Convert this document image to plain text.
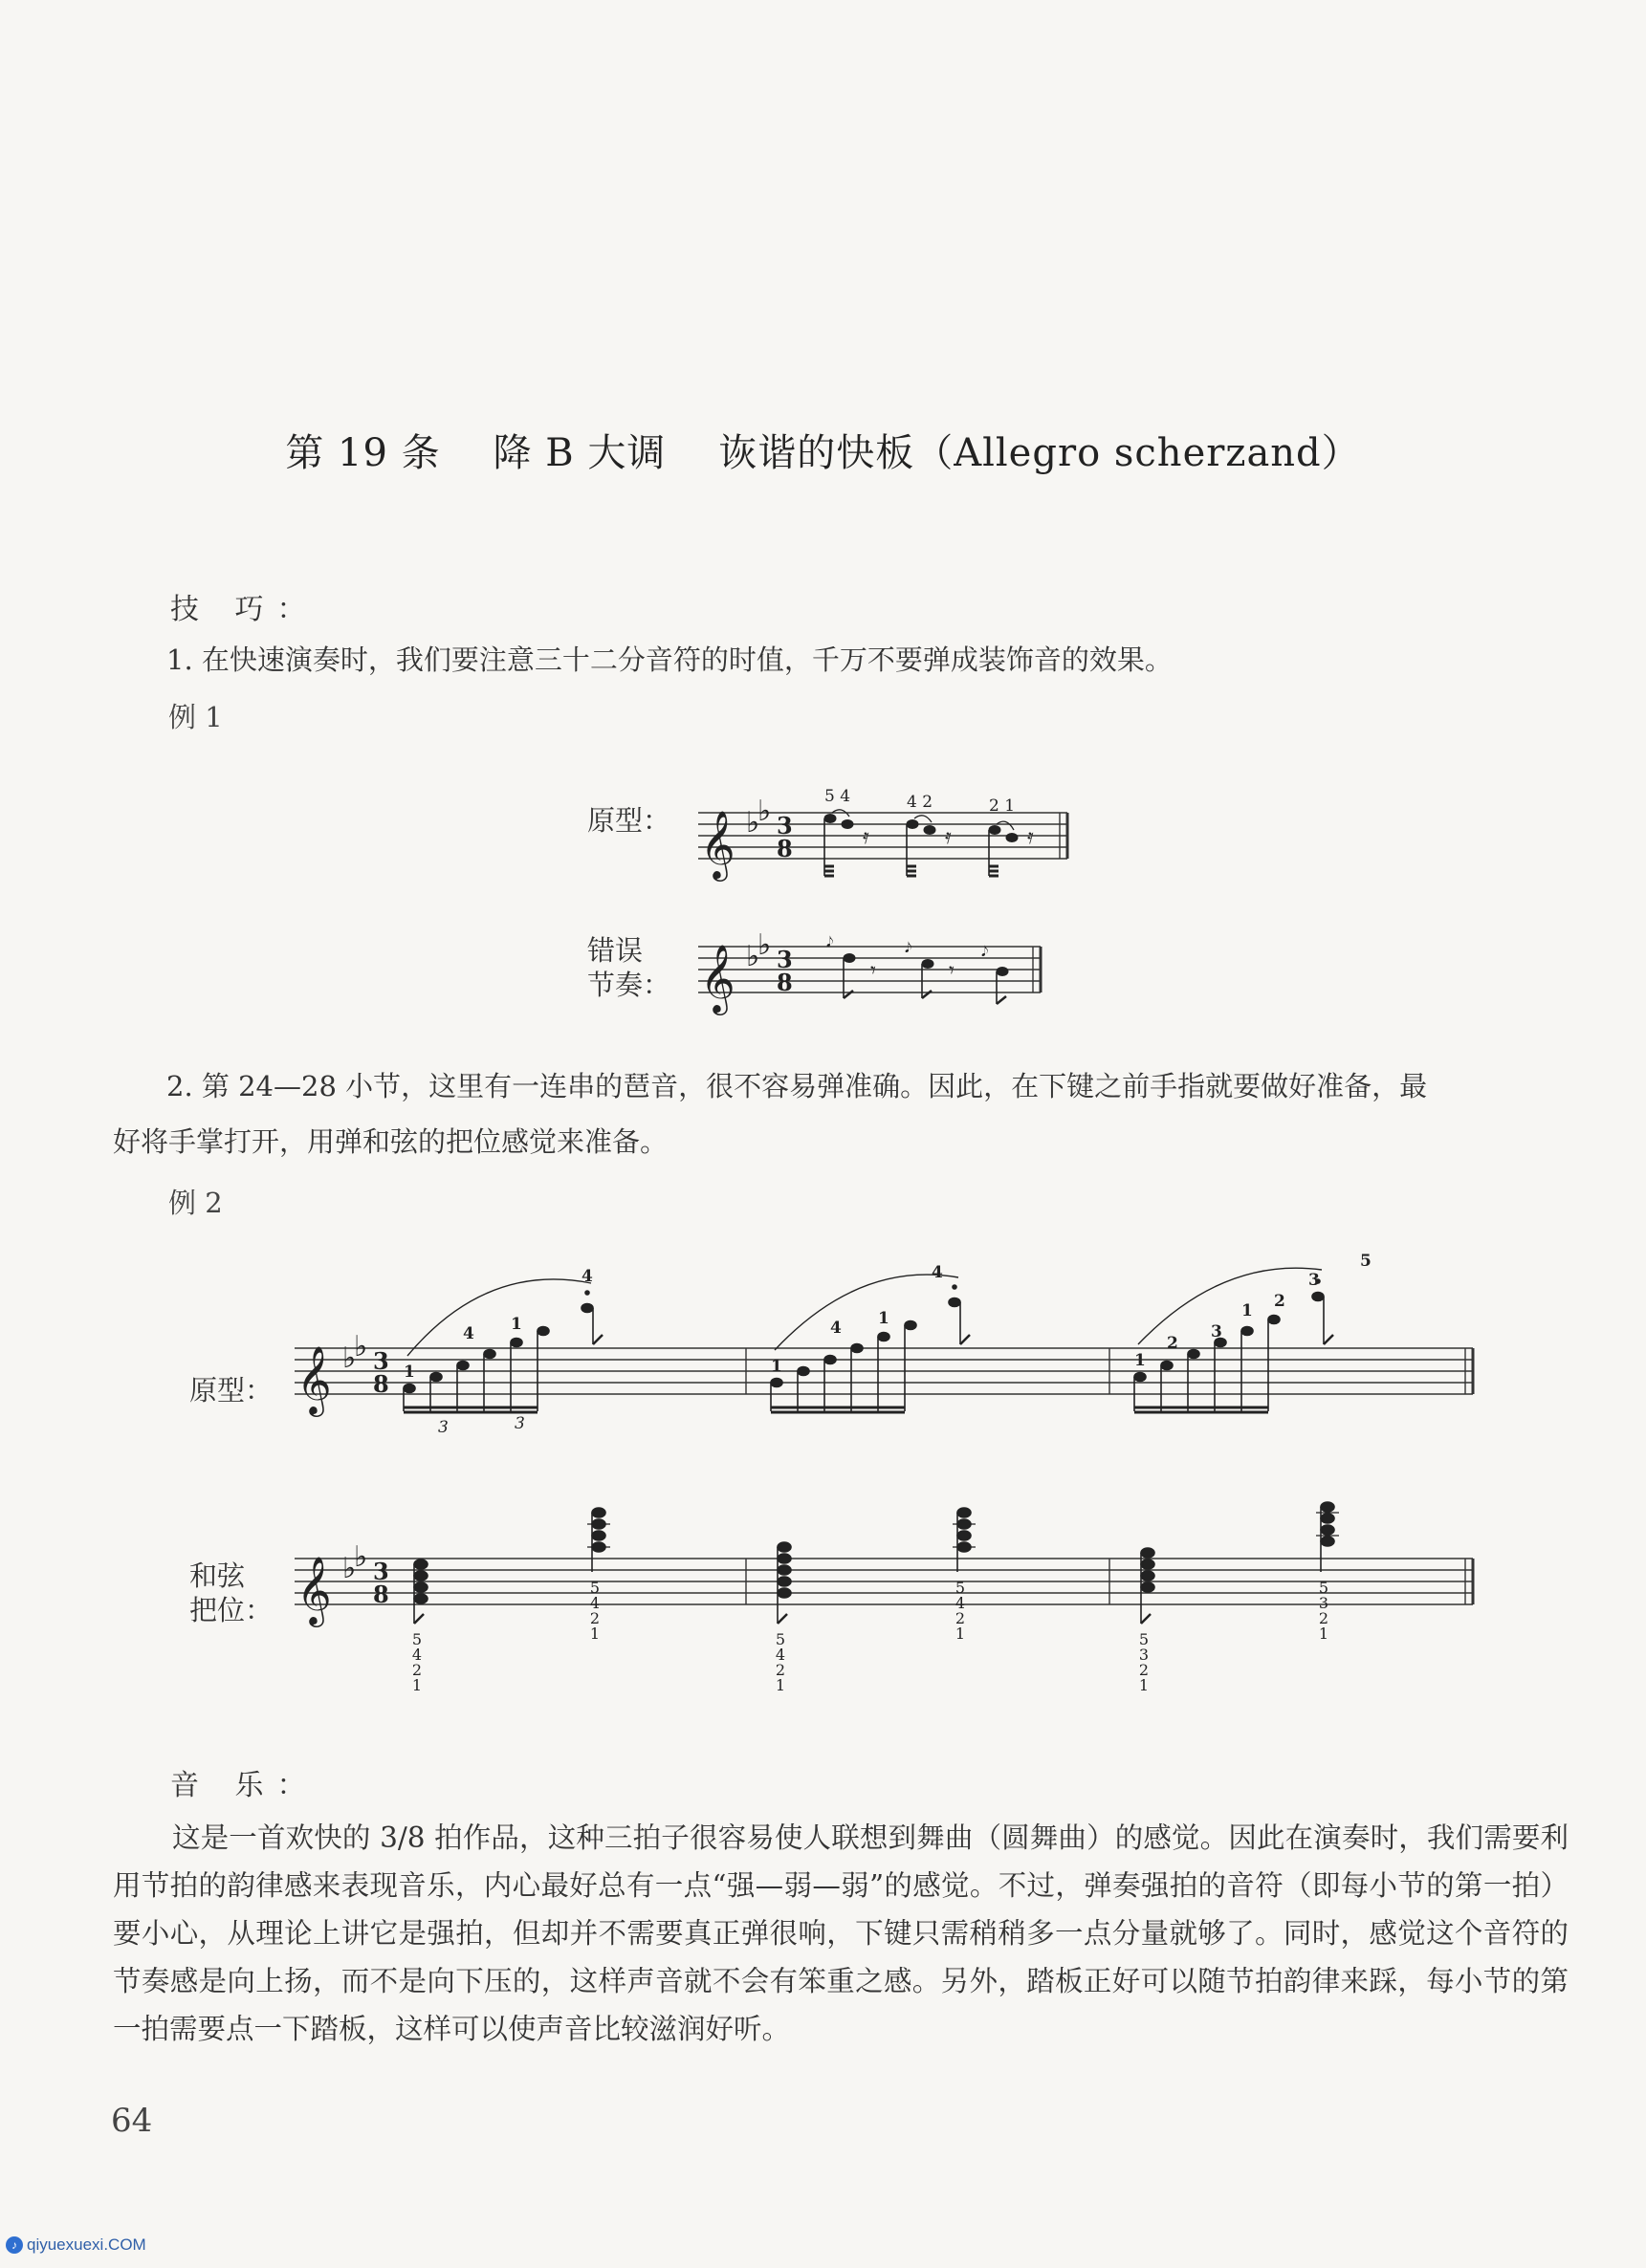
第 19 条    降 B 大调    诙谐的快板（Allegro scherzand）
技 巧：
1. 在快速演奏时，我们要注意三十二分音符的时值，千万不要弹成装饰音的效果。
例 1
原型：
错误
节奏：
𝄞 ♭
♭ 3
8	𝄿	𝄿	𝄿
5 4	4 2	2 1
𝄞 ♭
♭ 3
8
𝆕
𝄾
𝆕
𝄾
𝆕
2. 第 24—28 小节，这里有一连串的琶音，很不容易弹准确。因此，在下键之前手指就要做好准备，最
好将手掌打开，用弹和弦的把位感觉来准备。
例 2
原型：
和弦
把位：
𝄞 ♭
♭ 3
8
3	3
1
4 1
4
1
4 1
4
1
2
3
1 2
3
5
𝄞 ♭
♭ 3
8
5
4
2
1
5
4
2
1	5
4
2
1
5
4
2
1	5
3
2
1
5
3
2
1
音 乐：
这是一首欢快的 3/8 拍作品，这种三拍子很容易使人联想到舞曲（圆舞曲）的感觉。因此在演奏时，我们需要利用节拍的韵律感来表现音乐，内心最好总有一点“强—弱—弱”的感觉。不过，弹奏强拍的音符（即每小节的第一拍）要小心，从理论上讲它是强拍，但却并不需要真正弹很响，下键只需稍稍多一点分量就够了。同时，感觉这个音符的节奏感是向上扬，而不是向下压的，这样声音就不会有笨重之感。另外，踏板正好可以随节拍韵律来踩，每小节的第一拍需要点一下踏板，这样可以使声音比较滋润好听。
64
♪ qiyuexuexi.COM
